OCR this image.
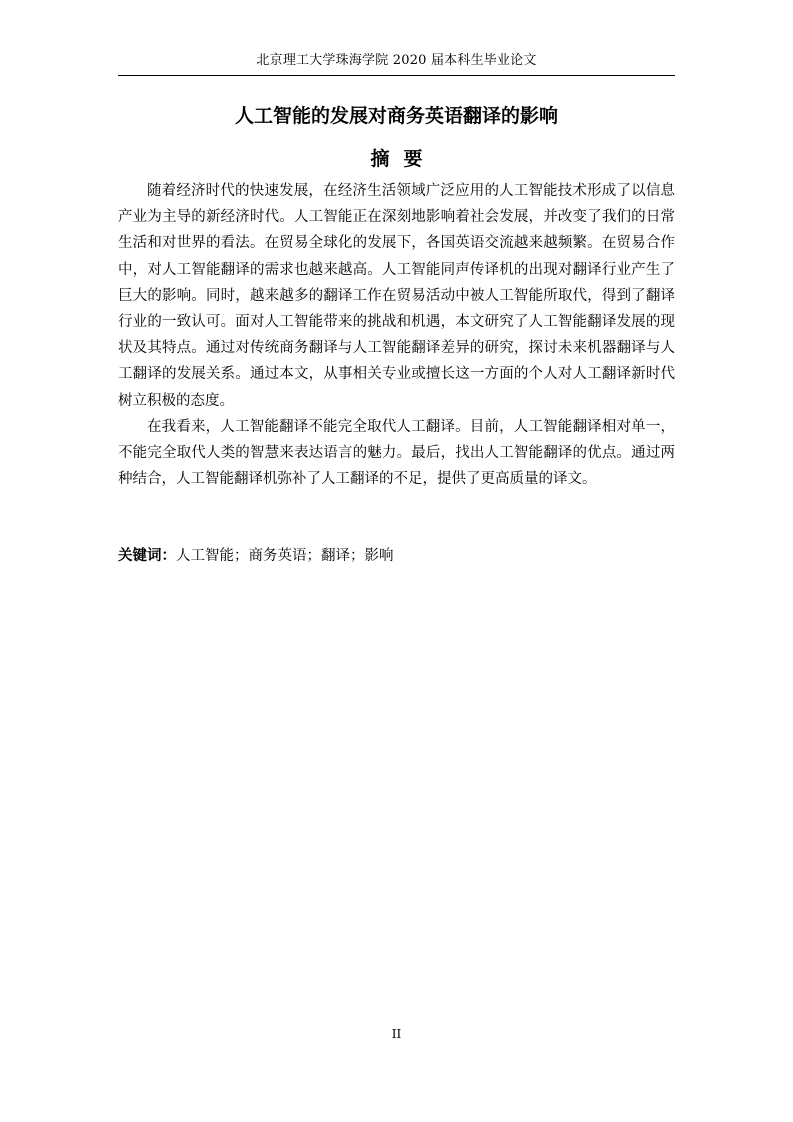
北京理工大学珠海学院 2020 届本科生毕业论文
人工智能的发展对商务英语翻译的影响
摘要

随着经济时代的快速发展，在经济生活领域广泛应用的人工智能技术形成了以信息产业为主导的新经济时代。人工智能正在深刻地影响着社会发展，并改变了我们的日常生活和对世界的看法。在贸易全球化的发展下，各国英语交流越来越频繁。在贸易合作中，对人工智能翻译的需求也越来越高。人工智能同声传译机的出现对翻译行业产生了巨大的影响。同时，越来越多的翻译工作在贸易活动中被人工智能所取代，得到了翻译行业的一致认可。面对人工智能带来的挑战和机遇，本文研究了人工智能翻译发展的现状及其特点。通过对传统商务翻译与人工智能翻译差异的研究，探讨未来机器翻译与人工翻译的发展关系。通过本文，从事相关专业或擅长这一方面的个人对人工翻译新时代树立积极的态度。

在我看来，人工智能翻译不能完全取代人工翻译。目前，人工智能翻译相对单一，不能完全取代人类的智慧来表达语言的魅力。最后，找出人工智能翻译的优点。通过两种结合，人工智能翻译机弥补了人工翻译的不足，提供了更高质量的译文。

关键词：人工智能；商务英语；翻译；影响
II
